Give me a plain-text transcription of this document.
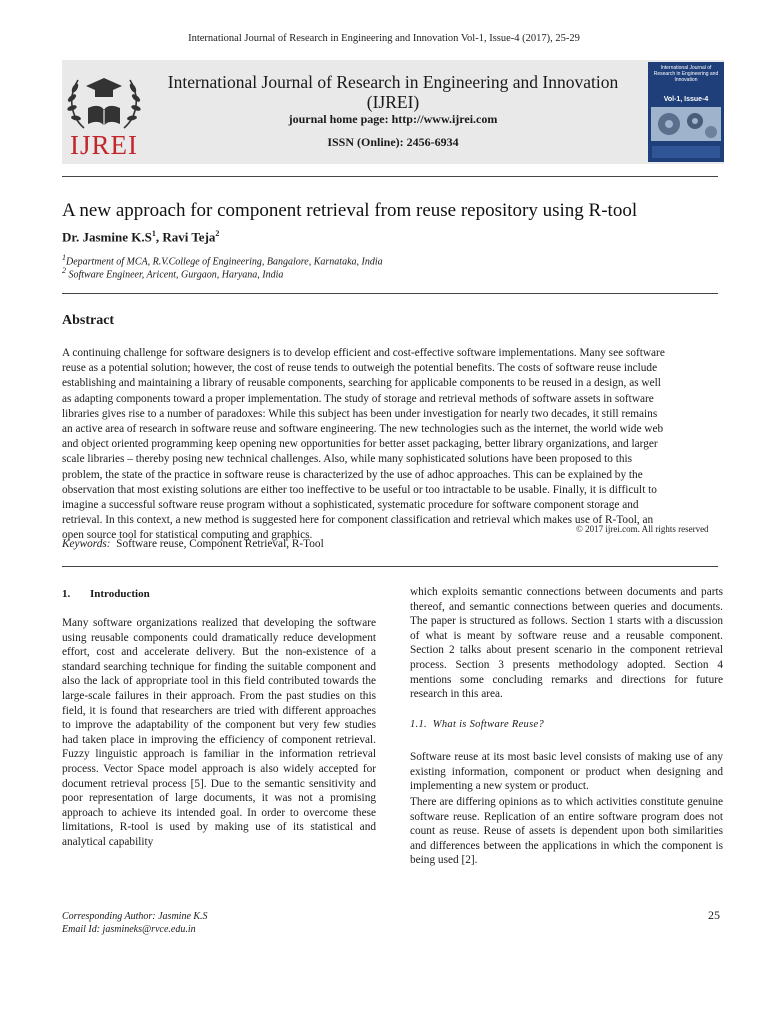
International Journal of Research in Engineering and Innovation Vol-1, Issue-4 (2017), 25-29
IJREI
International Journal of Research in Engineering and Innovation
(IJREI)
journal home page: http://www.ijrei.com
ISSN (Online): 2456-6934
International Journal of Research in Engineering and Innovation
Vol-1, Issue-4
A new approach for component retrieval from reuse repository using R-tool
Dr. Jasmine $K.S^1$, Ravi Teja$^2$
$^1$Department of MCA, R.V.College of Engineering, Bangalore, Karnataka, India
$^2$ Software Engineer, Aricent, Gurgaon, Haryana, India
Abstract
A continuing challenge for software designers is to develop efficient and cost-effective software implementations. Many see software
reuse as a potential solution; however, the cost of reuse tends to outweigh the potential benefits. The costs of software reuse include
establishing and maintaining a library of reusable components, searching for applicable components to be reused in a design, as well
as adapting components toward a proper implementation. The study of storage and retrieval methods of software assets in software
libraries gives rise to a number of paradoxes: While this subject has been under investigation for nearly two decades, it still remains
an active area of research in software reuse and software engineering. The new technologies such as the internet, the world wide web
and object oriented programming keep opening new opportunities for better asset packaging, better library organizations, and larger
scale libraries – thereby posing new technical challenges. Also, while many sophisticated solutions have been proposed to this
problem, the state of the practice in software reuse is characterized by the use of adhoc approaches. This can be explained by the
observation that most existing solutions are either too ineffective to be useful or too intractable to be usable. Finally, it is difficult to
imagine a successful software reuse program without a sophisticated, systematic procedure for software component storage and
retrieval. In this context, a new method is suggested here for component classification and retrieval which makes use of R-Tool, an
open source tool for statistical computing and graphics.
© 2017 ijrei.com. All rights reserved
Keywords:  Software reuse, Component Retrieval, R-Tool
1. Introduction
Many software organizations realized that developing the software using reusable components could dramatically reduce development effort, cost and accelerate delivery. But the non-existence of a standard searching technique for finding the suitable component and also the lack of appropriate tool in this field contributed towards the large-scale failures in their approach. From the past studies on this field, it is found that researchers are tried with different approaches to improve the adaptability of the component but very few studies had taken place in improving the efficiency of component retrieval. Fuzzy linguistic approach is familiar in the information retrieval process. Vector Space model approach is also widely accepted for document retrieval process [5]. Due to the semantic sensitivity and poor representation of large documents, it was not a promising approach to achieve its intended goal. In order to overcome these limitations, R-tool is used by making use of its statistical and analytical capability
which exploits semantic connections between documents and parts thereof, and semantic connections between queries and documents. The paper is structured as follows. Section 1 starts with a discussion of what is meant by software reuse and a reusable component. Section 2 talks about present scenario in the component retrieval process. Section 3 presents methodology adopted. Section 4 mentions some concluding remarks and directions for future research in this area.
1.1.  What is Software Reuse?
Software reuse at its most basic level consists of making use of any existing information, component or product when designing and implementing a new system or product.
There are differing opinions as to which activities constitute genuine software reuse. Replication of an entire software program does not count as reuse. Reuse of assets is dependent upon both similarities and differences between the applications in which the component is being used [2].
Corresponding Author: Jasmine K.S
Email Id: jasmineks@rvce.edu.in
25
